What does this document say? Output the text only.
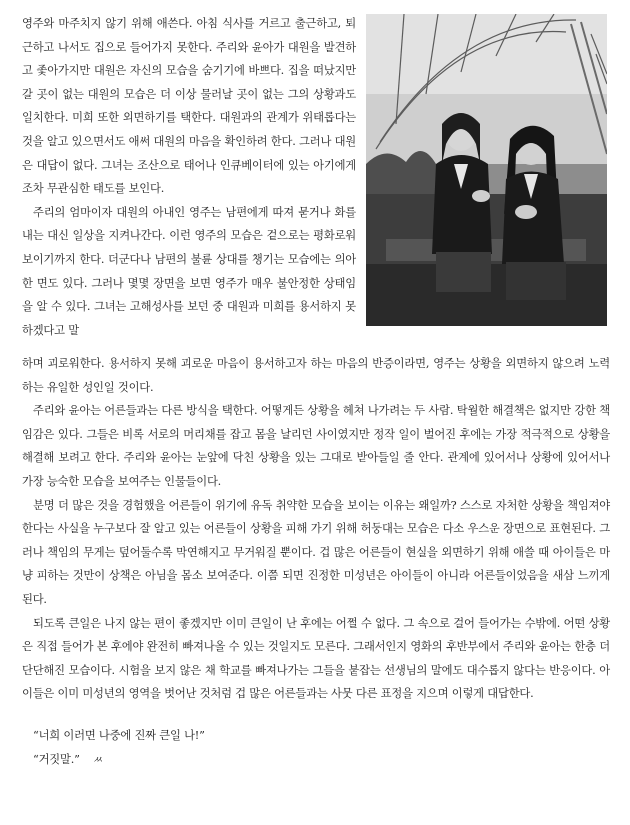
영주와 마주치지 않기 위해 애쓴다. 아침 식사를 거르고 출근하고, 퇴근하고 나서도 집으로 들어가지 못한다. 주리와 윤아가 대원을 발견하고 좇아가지만 대원은 자신의 모습을 숨기기에 바쁘다. 집을 떠났지만 갈 곳이 없는 대원의 모습은 더 이상 물러날 곳이 없는 그의 상황과도 일치한다. 미희 또한 외면하기를 택한다. 대원과의 관계가 위태롭다는 것을 알고 있으면서도 애써 대원의 마음을 확인하려 한다. 그러나 대원은 대답이 없다. 그녀는 조산으로 태어나 인큐베이터에 있는 아기에게조차 무관심한 태도를 보인다.

주리의 엄마이자 대원의 아내인 영주는 남편에게 따져 묻거나 화를 내는 대신 일상을 지켜나간다. 이런 영주의 모습은 겉으로는 평화로워 보이기까지 한다. 더군다나 남편의 불륜 상대를 챙기는 모습에는 의아한 면도 있다. 그러나 몇몇 장면을 보면 영주가 매우 불안정한 상태임을 알 수 있다. 그녀는 고해성사를 보던 중 대원과 미희를 용서하지 못하겠다고 말

하며 괴로워한다. 용서하지 못해 괴로운 마음이 용서하고자 하는 마음의 반증이라면, 영주는 상황을 외면하지 않으려 노력하는 유일한 성인일 것이다.

주리와 윤아는 어른들과는 다른 방식을 택한다. 어떻게든 상황을 헤쳐 나가려는 두 사람. 탁월한 해결책은 없지만 강한 책임감은 있다. 그들은 비록 서로의 머리채를 잡고 몸을 날리던 사이였지만 정작 일이 벌어진 후에는 가장 적극적으로 상황을 해결해 보려고 한다. 주리와 윤아는 눈앞에 닥친 상황을 있는 그대로 받아들일 줄 안다. 관계에 있어서나 상황에 있어서나 가장 능숙한 모습을 보여주는 인물들이다.

분명 더 많은 것을 경험했을 어른들이 위기에 유독 취약한 모습을 보이는 이유는 왜일까? 스스로 자처한 상황을 책임져야 한다는 사실을 누구보다 잘 알고 있는 어른들이 상황을 피해 가기 위해 허둥대는 모습은 다소 우스운 장면으로 표현된다. 그러나 책임의 무게는 덮어둘수록 막연해지고 무거워질 뿐이다. 겁 많은 어른들이 현실을 외면하기 위해 애쓸 때 아이들은 마냥 피하는 것만이 상책은 아님을 몸소 보여준다. 이쯤 되면 진정한 미성년은 아이들이 아니라 어른들이었음을 새삼 느끼게 된다.

되도록 큰일은 나지 않는 편이 좋겠지만 이미 큰일이 난 후에는 어쩔 수 없다. 그 속으로 걸어 들어가는 수밖에. 어떤 상황은 직접 들어가 본 후에야 완전히 빠져나올 수 있는 것일지도 모른다. 그래서인지 영화의 후반부에서 주리와 윤아는 한층 더 단단해진 모습이다. 시험을 보지 않은 채 학교를 빠져나가는 그들을 붙잡는 선생님의 말에도 대수롭지 않다는 반응이다. 아이들은 이미 미성년의 영역을 벗어난 것처럼 겁 많은 어른들과는 사뭇 다른 표정을 지으며 이렇게 대답한다.

“너희 이러면 나중에 진짜 큰일 나!”

“거짓말.” ㅆ
